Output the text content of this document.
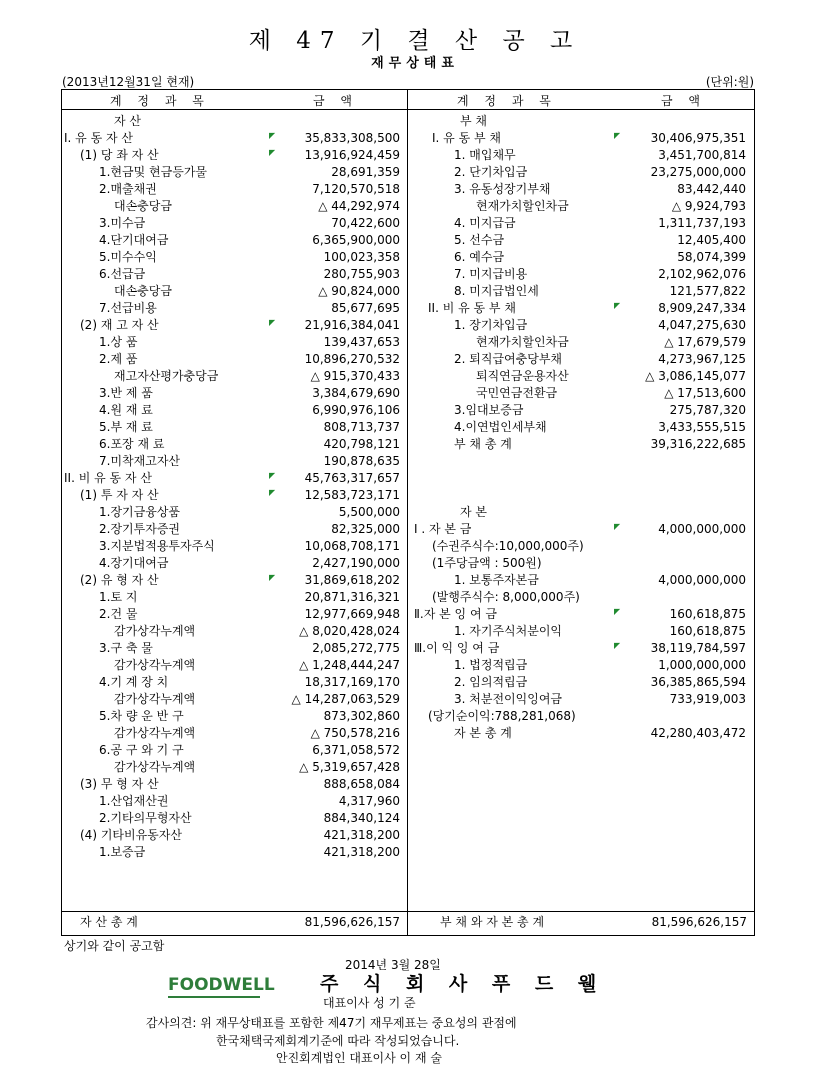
제 47 기 결 산 공 고
재무상태표
(2013년12월31일 현재)	(단위:원)
계 정 과 목	금 액	계 정 과 목	금 액
자 산
I. 유 동 자 산	◤ 35,833,308,500
(1) 당 좌 자 산	◤ 13,916,924,459
1.현금및 현금등가물	28,691,359
2.매출채권	7,120,570,518
대손충당금	△ 44,292,974
3.미수금	70,422,600
4.단기대여금	6,365,900,000
5.미수수익	100,023,358
6.선급금	280,755,903
대손충당금	△ 90,824,000
7.선급비용	85,677,695
(2) 재 고 자 산	◤ 21,916,384,041
1.상 품	139,437,653
2.제 품	10,896,270,532
재고자산평가충당금	△ 915,370,433
3.반 제 품	3,384,679,690
4.원 재 료	6,990,976,106
5.부 재 료	808,713,737
6.포장 재 료	420,798,121
7.미착재고자산	190,878,635
II. 비 유 동 자 산	◤ 45,763,317,657
(1) 투 자 자 산	◤ 12,583,723,171
1.장기금융상품	5,500,000
2.장기투자증권	82,325,000
3.지분법적용투자주식	10,068,708,171
4.장기대여금	2,427,190,000
(2) 유 형 자 산	◤ 31,869,618,202
1.토 지	20,871,316,321
2.건 물	12,977,669,948
감가상각누계액	△ 8,020,428,024
3.구 축 물	2,085,272,775
감가상각누계액	△ 1,248,444,247
4.기 계 장 치	18,317,169,170
감가상각누계액	△ 14,287,063,529
5.차 량 운 반 구	873,302,860
감가상각누계액	△ 750,578,216
6.공 구 와 기 구	6,371,058,572
감가상각누계액	△ 5,319,657,428
(3) 무 형 자 산	888,658,084
1.산업재산권	4,317,960
2.기타의무형자산	884,340,124
(4) 기타비유동자산	421,318,200
1.보증금	421,318,200
부 채
I. 유 동 부 채	◤	30,406,975,351
1. 매입채무	3,451,700,814
2. 단기차입금	23,275,000,000
3. 유동성장기부채	83,442,440
현재가치할인차금	△ 9,924,793
4. 미지급금	1,311,737,193
5. 선수금	12,405,400
6. 예수금	58,074,399
7. 미지급비용	2,102,962,076
8. 미지급법인세	121,577,822
II. 비 유 동 부 채	◤	8,909,247,334
1. 장기차입금	4,047,275,630
현재가치할인차금	△ 17,679,579
2. 퇴직급여충당부채	4,273,967,125
퇴직연금운용자산	△ 3,086,145,077
국민연금전환금	△ 17,513,600
3.임대보증금	275,787,320
4.이연법인세부채	3,433,555,515
부 채 총 계	39,316,222,685
자 본
I . 자 본 금	◤	4,000,000,000
(수권주식수:10,000,000주)
(1주당금액 : 500원)
1. 보통주자본금	4,000,000,000
(발행주식수: 8,000,000주)
Ⅱ.자 본 잉 여 금	◤	160,618,875
1. 자기주식처분이익	160,618,875
Ⅲ.이 익 잉 여 금	◤	38,119,784,597
1. 법정적립금	1,000,000,000
2. 임의적립금	36,385,865,594
3. 처분전이익잉여금	733,919,003
(당기순이익:788,281,068)
자 본 총 계	42,280,403,472
자 산 총 계	81,596,626,157	부 채 와 자 본 총 계	81,596,626,157
상기와 같이 공고함
2014년 3월 28일
FOODWELL 주 식 회 사 푸 드 웰
대표이사 성 기 준
감사의견: 위 재무상태표를 포함한 제47기 재무제표는 중요성의 관점에
한국채택국제회계기준에 따라 작성되었습니다.
안진회계법인 대표이사 이 재 술
